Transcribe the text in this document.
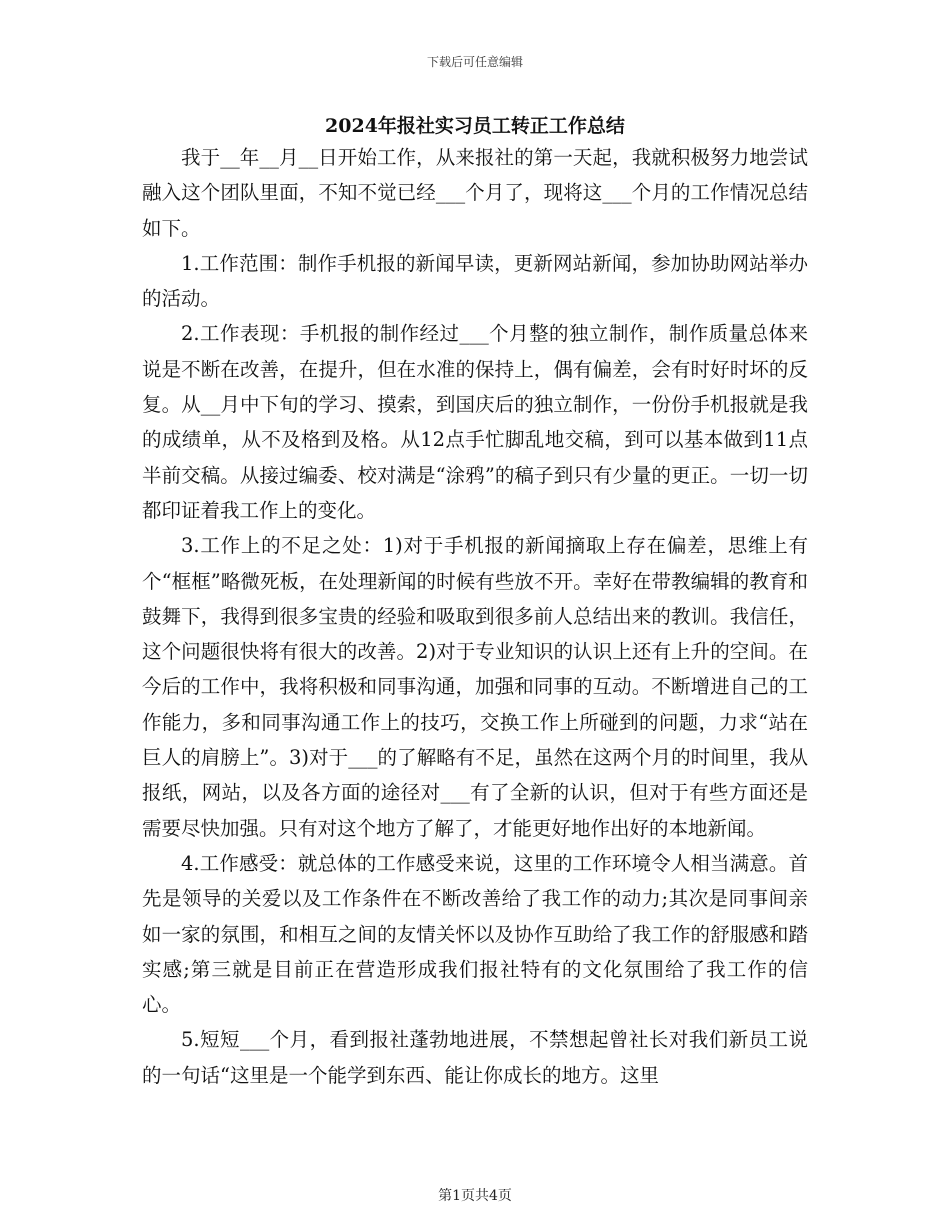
下载后可任意编辑
2024年报社实习员工转正工作总结

我于__年__月__日开始工作，从来报社的第一天起，我就积极努力地尝试融入这个团队里面，不知不觉已经___个月了，现将这___个月的工作情况总结如下。

1.工作范围：制作手机报的新闻早读，更新网站新闻，参加协助网站举办的活动。

2.工作表现：手机报的制作经过___个月整的独立制作，制作质量总体来说是不断在改善，在提升，但在水准的保持上，偶有偏差，会有时好时坏的反复。从__月中下旬的学习、摸索，到国庆后的独立制作，一份份手机报就是我的成绩单，从不及格到及格。从12点手忙脚乱地交稿，到可以基本做到11点半前交稿。从接过编委、校对满是“涂鸦”的稿子到只有少量的更正。一切一切都印证着我工作上的变化。

3.工作上的不足之处：1)对于手机报的新闻摘取上存在偏差，思维上有个“框框”略微死板，在处理新闻的时候有些放不开。幸好在带教编辑的教育和鼓舞下，我得到很多宝贵的经验和吸取到很多前人总结出来的教训。我信任，这个问题很快将有很大的改善。2)对于专业知识的认识上还有上升的空间。在今后的工作中，我将积极和同事沟通，加强和同事的互动。不断增进自己的工作能力，多和同事沟通工作上的技巧，交换工作上所碰到的问题，力求“站在巨人的肩膀上”。3)对于___的了解略有不足，虽然在这两个月的时间里，我从报纸，网站，以及各方面的途径对___有了全新的认识，但对于有些方面还是需要尽快加强。只有对这个地方了解了，才能更好地作出好的本地新闻。

4.工作感受：就总体的工作感受来说，这里的工作环境令人相当满意。首先是领导的关爱以及工作条件在不断改善给了我工作的动力;其次是同事间亲如一家的氛围，和相互之间的友情关怀以及协作互助给了我工作的舒服感和踏实感;第三就是目前正在营造形成我们报社特有的文化氛围给了我工作的信心。

5.短短___个月，看到报社蓬勃地进展，不禁想起曾社长对我们新员工说的一句话“这里是一个能学到东西、能让你成长的地方。这里

第1页共4页
